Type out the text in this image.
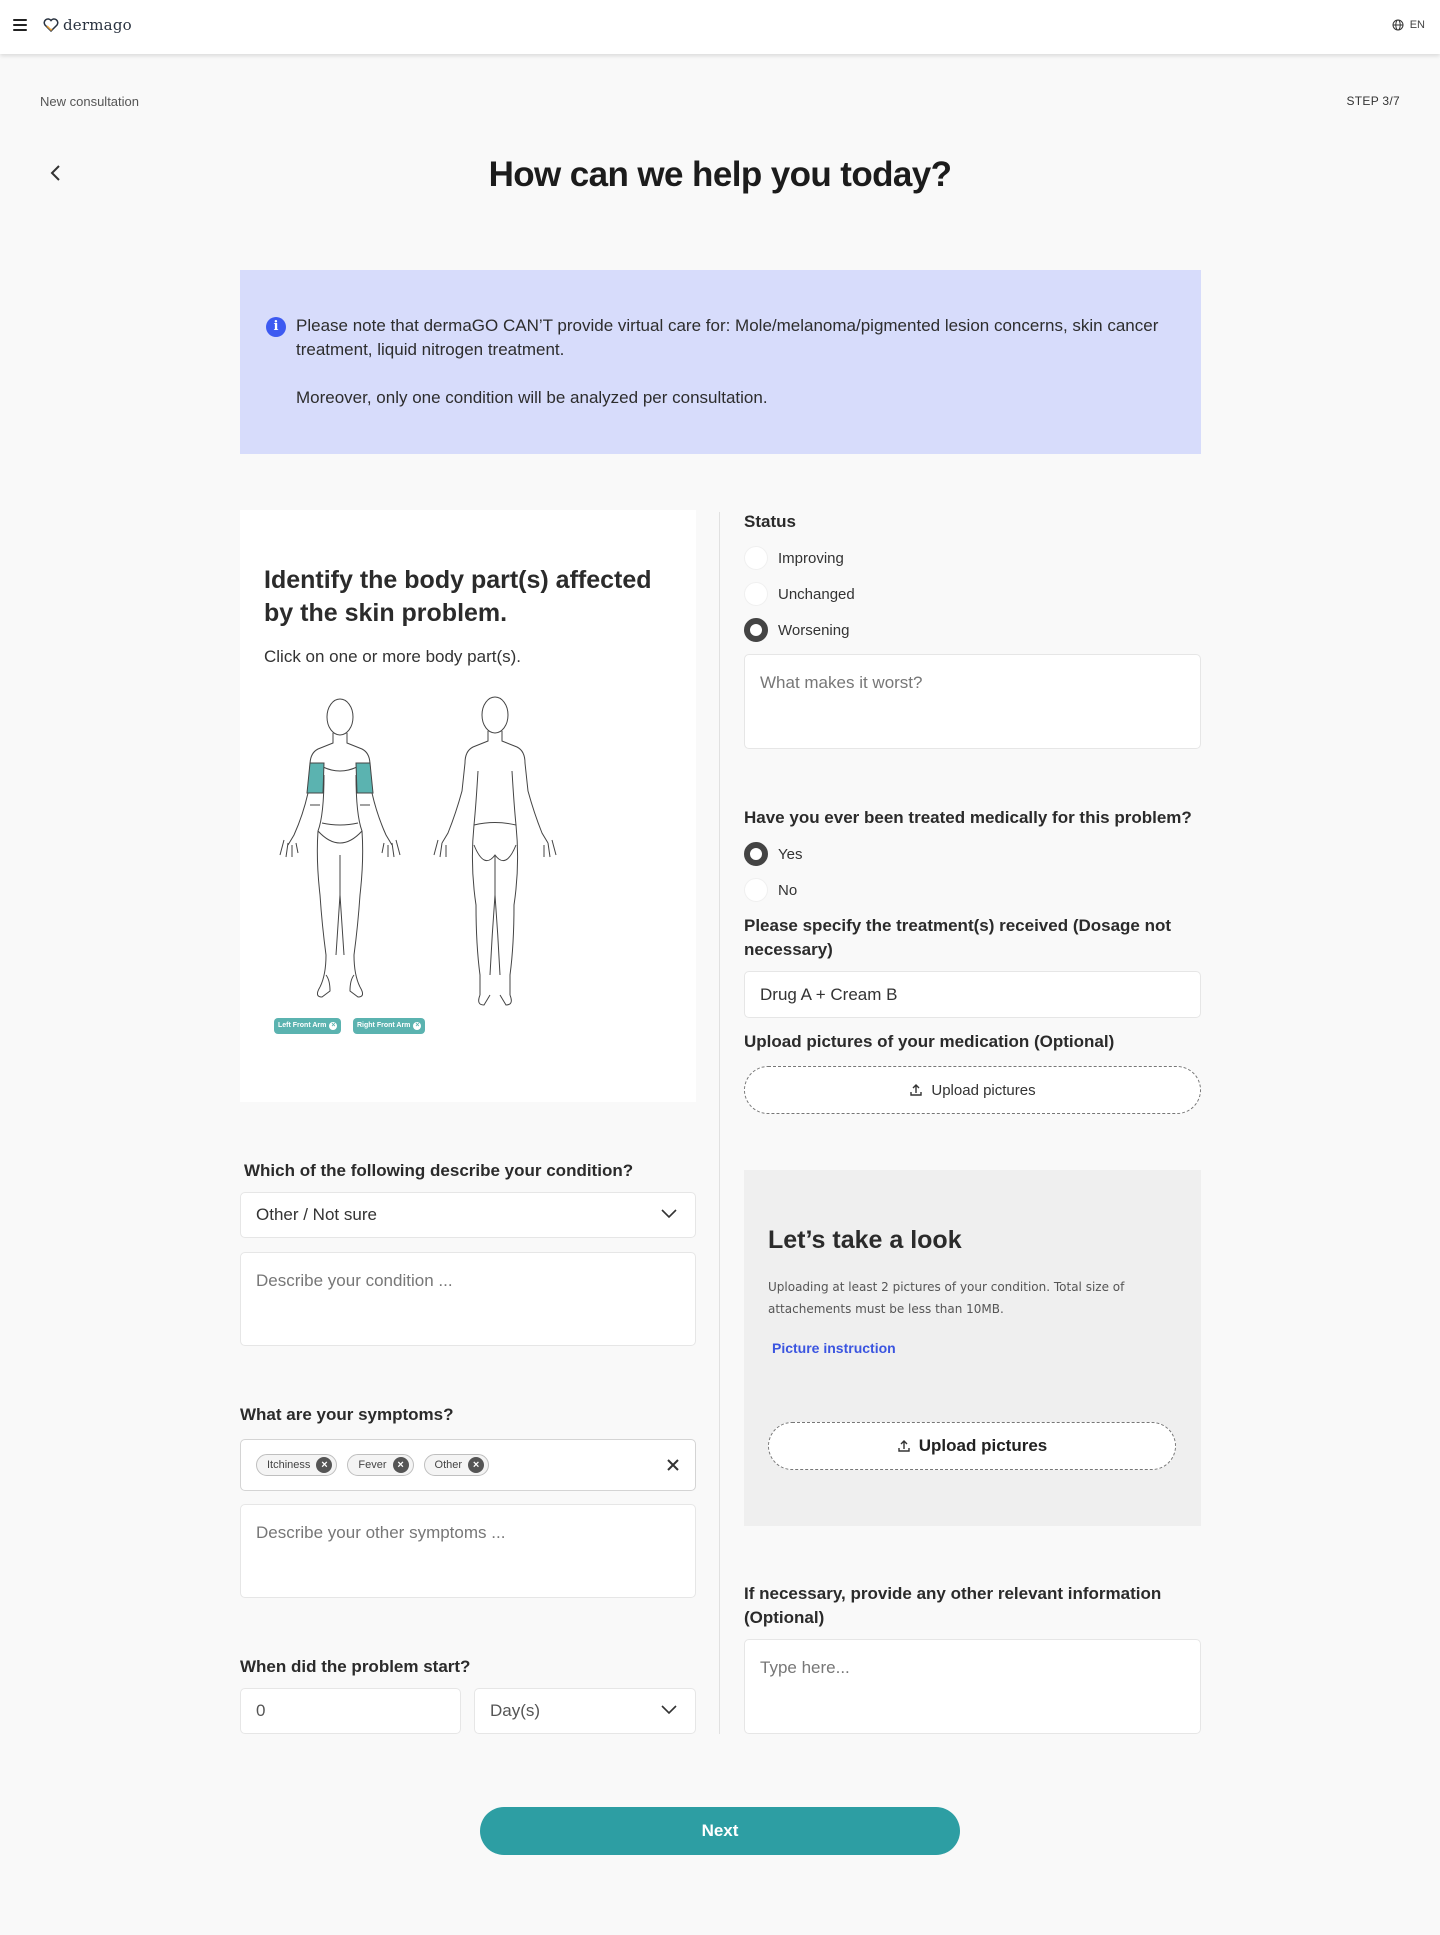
dermago	EN
New consultation	STEP 3/7
How can we help you today?
i	Please note that dermaGO CAN’T provide virtual care for: Mole/melanoma/pigmented lesion concerns, skin cancer treatment, liquid nitrogen treatment.
Moreover, only one condition will be analyzed per consultation.
Identify the body part(s) affected by the skin problem.
Click on one or more body part(s).
Left Front Arm ×	Right Front Arm ×
Which of the following describe your condition?
Other / Not sure
Describe your condition ...
What are your symptoms?
Itchiness ×	Fever ×	Other ×
Describe your other symptoms ...
When did the problem start?
0	Day(s)
Status
Improving
Unchanged
Worsening
What makes it worst?
Have you ever been treated medically for this problem?
Yes
No
Please specify the treatment(s) received (Dosage not necessary)
Drug A + Cream B
Upload pictures of your medication (Optional)
Upload pictures
Let’s take a look
Uploading at least 2 pictures of your condition. Total size of attachements must be less than 10MB.
Picture instruction
Upload pictures
If necessary, provide any other relevant information (Optional)
Type here...
Next
